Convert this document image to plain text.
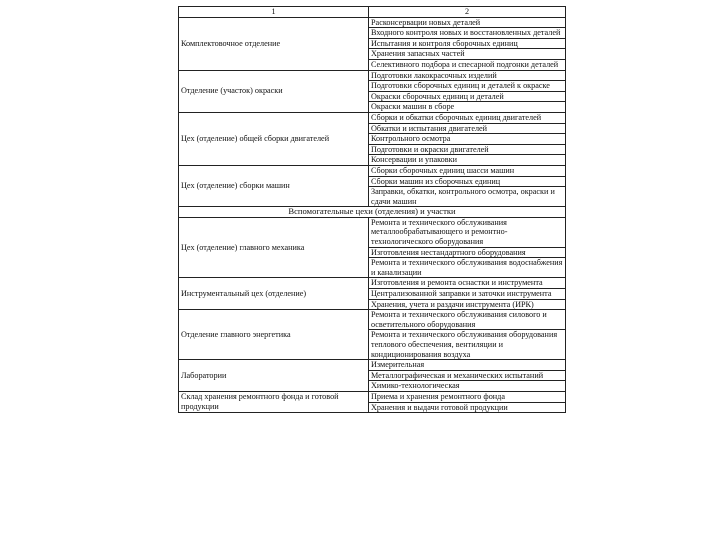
1	2
Комплектовочное отделение	Расконсервации новых деталей
	Входного контроля новых и восстановленных деталей
	Испытания и контроля сборочных единиц
	Хранения запасных частей
	Селективного подбора и спесарной подгонки деталей
Отделение (участок) окраски	Подготовки лакокрасочных изделий
	Подготовки сборочных единиц и деталей к окраске
	Окраски сборочных единиц и деталей
	Окраски машин в сборе
Цех (отделение) общей сборки двигателей	Сборки и обкатки сборочных единиц двигателей
	Обкатки и испытания двигателей
	Контрольного осмотра
	Подготовки и окраски двигателей
	Консервации и упаковки
Цех (отделение) сборки машин	Сборки сборочных единиц шасси машин
	Сборки машин из сборочных единиц
	Заправки, обкатки, контрольного осмотра, окраски и сдачи машин
Вспомогательные цехи (отделения) и участки	
Цех (отделение) главного механика	Ремонта и технического обслуживания металлообрабатывающего и ремонтно-технологического оборудования
	Изготовления нестандартного оборудования
	Ремонта и технического обслуживания водоснабжения и канализации
Инструментальный цех (отделение)	Изготовления и ремонта оснастки и инструмента
	Централизованной заправки и заточки инструмента
	Хранения, учета и раздачи инструмента (ИРК)
Отделение главного энергетика	Ремонта и технического обслуживания силового и осветительного оборудования
	Ремонта и технического обслуживания оборудования теплового обеспечения, вентиляции и кондиционирования воздуха
Лаборатории	Измерительная
	Металлографическая и механических испытаний
	Химико-технологическая
Склад хранения ремонтного фонда и готовой продукции	Приема и хранения ремонтного фонда
	Хранения и выдачи готовой продукции
